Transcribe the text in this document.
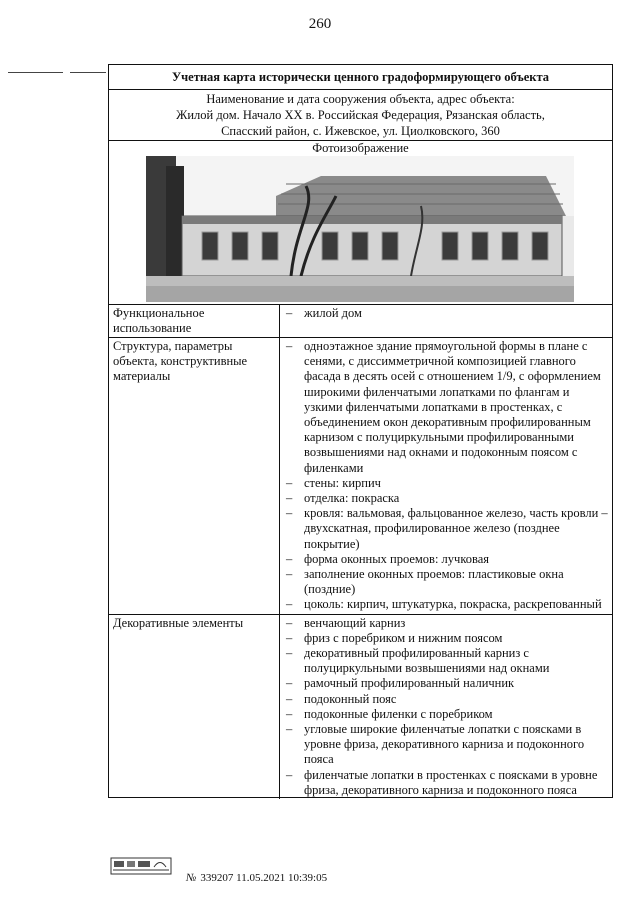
260
Учетная карта исторически ценного градоформирующего объекта
Наименование и дата сооружения объекта, адрес объекта:
Жилой дом. Начало XX в. Российская Федерация, Рязанская область,
Спасский район, с. Ижевское, ул. Циолковского, 360
Фотоизображение
Функциональное использование
– жилой дом
Структура, параметры объекта, конструктивные материалы
– одноэтажное здание прямоугольной формы в плане с сенями, с диссимметричной композицией главного фасада в десять осей с отношением 1/9, с оформлением широкими филенчатыми лопатками по флангам и узкими филенчатыми лопатками в простенках, с объединением окон декоративным профилированным карнизом с полуциркульными профилированными возвышениями над окнами и подоконным поясом с филенками
– стены: кирпич
– отделка: покраска
– кровля: вальмовая, фальцованное железо, часть кровли –двухскатная, профилированное железо (позднее покрытие)
– форма оконных проемов: лучковая
– заполнение оконных проемов: пластиковые окна (поздние)
– цоколь: кирпич, штукатурка, покраска, раскрепованный
Декоративные элементы
–	венчающий карниз
– фриз с поребриком и нижним поясом
– декоративный профилированный карниз с полуциркульными возвышениями над окнами
– рамочный профилированный наличник
– подоконный пояс
– подоконные филенки с поребриком
– угловые широкие филенчатые лопатки с поясками в уровне фриза, декоративного карниза и подоконного пояса
– филенчатые лопатки в простенках с поясками в уровне фриза, декоративного карниза и подоконного пояса
№ 339207 11.05.2021 10:39:05
